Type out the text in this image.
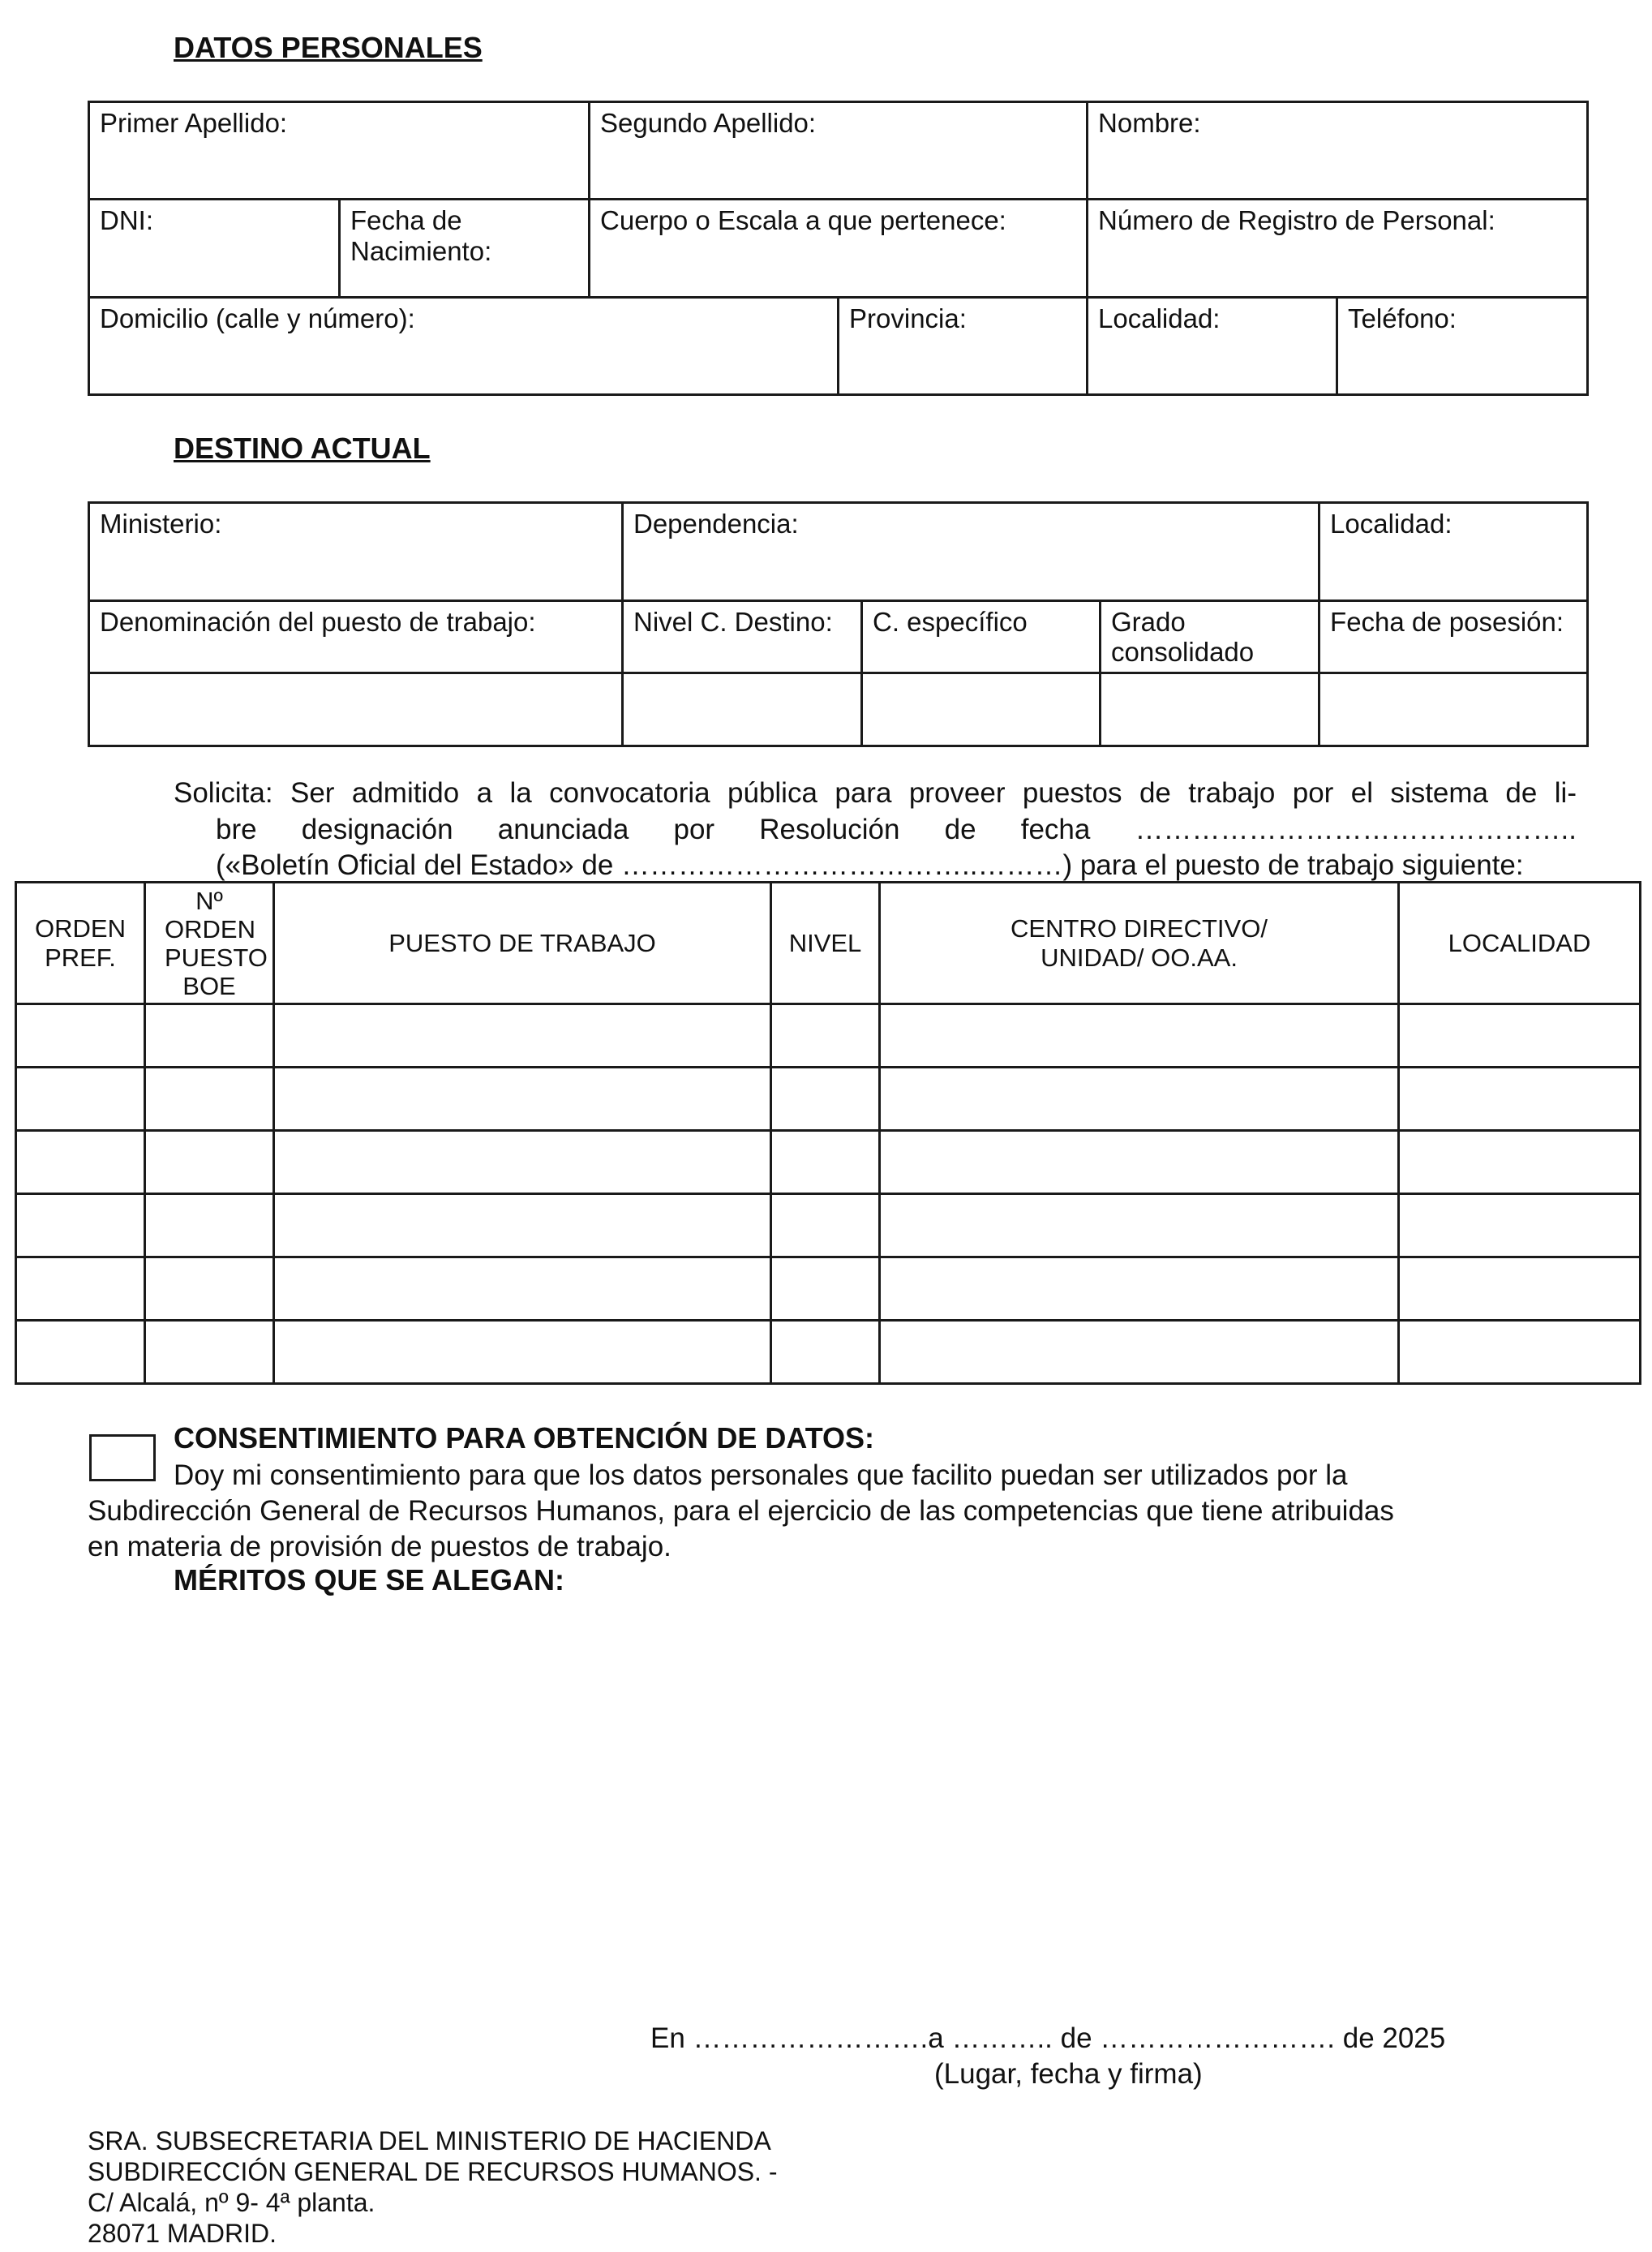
DATOS PERSONALES
Primer Apellido:		Segundo Apellido:		Nombre:	
DNI:	Fecha de Nacimiento:	Cuerpo o Escala a que pertenece:		Número de Registro de Personal:	
Domicilio (calle y número):			Provincia:	Localidad:	Teléfono:
DESTINO ACTUAL
Ministerio:	Dependencia:			Localidad:
Denominación del puesto de trabajo:	Nivel C. Destino:	C. específico	Grado consolidado	Fecha de posesión:

Solicita: Ser admitido a la convocatoria pública para proveer puestos de trabajo por el sistema de li-
bre designación anunciada por Resolución de fecha ………………………………………..
(«Boletín Oficial del Estado» de ………………………………..………) para el puesto de trabajo siguiente:
ORDEN PREF.	Nº ORDEN PUESTO BOE	PUESTO DE TRABAJO	NIVEL	CENTRO DIRECTIVO/ UNIDAD/ OO.AA.	LOCALIDAD

CONSENTIMIENTO PARA OBTENCIÓN DE DATOS:
Doy mi consentimiento para que los datos personales que facilito puedan ser utilizados por la
Subdirección General de Recursos Humanos, para el ejercicio de las competencias que tiene atribuidas
en materia de provisión de puestos de trabajo.
MÉRITOS QUE SE ALEGAN:
En …………………….a ……….. de ……………………. de 2025
(Lugar, fecha y firma)
SRA. SUBSECRETARIA DEL MINISTERIO DE HACIENDA
SUBDIRECCIÓN GENERAL DE RECURSOS HUMANOS. -
C/ Alcalá, nº 9- 4ª planta.
28071 MADRID.
